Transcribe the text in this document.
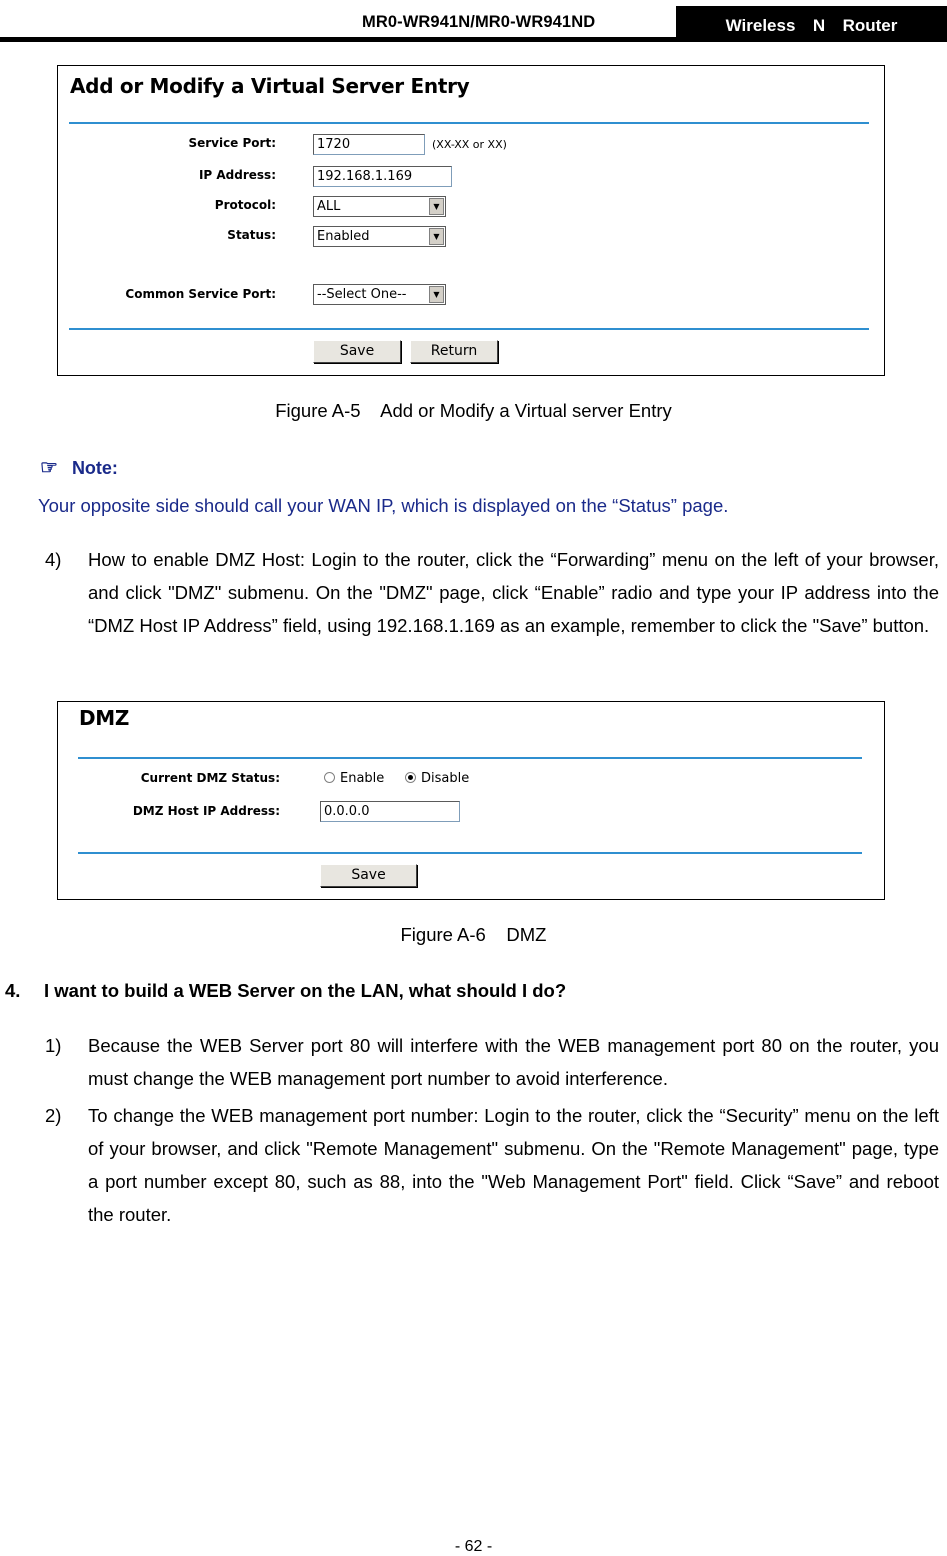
MR0-WR941N/MR0-WR941ND	Wireless  N  Router
Add or Modify a Virtual Server Entry
Service Port:	1720	(XX-XX or XX)
IP Address:	192.168.1.169
Protocol:	ALL	▼
Status:	Enabled	▼
Common Service Port:	--Select One--	▼
Save	Return
Figure A-5    Add or Modify a Virtual server Entry
☞ Note:
Your opposite side should call your WAN IP, which is displayed on the “Status” page.
4) How to enable DMZ Host: Login to the router, click the “Forwarding” menu on the left of your browser, and click "DMZ" submenu. On the "DMZ" page, click “Enable” radio and type your IP address into the “DMZ Host IP Address” field, using 192.168.1.169 as an example, remember to click the "Save” button.
DMZ
Current DMZ Status:	Enable	Disable
DMZ Host IP Address:	0.0.0.0
Save
Figure A-6    DMZ
4. I want to build a WEB Server on the LAN, what should I do?
1) Because the WEB Server port 80 will interfere with the WEB management port 80 on the router, you must change the WEB management port number to avoid interference.
2) To change the WEB management port number: Login to the router, click the “Security” menu on the left of your browser, and click "Remote Management" submenu. On the "Remote Management" page, type a port number except 80, such as 88, into the "Web Management Port" field. Click “Save” and reboot the router.
- 62 -
